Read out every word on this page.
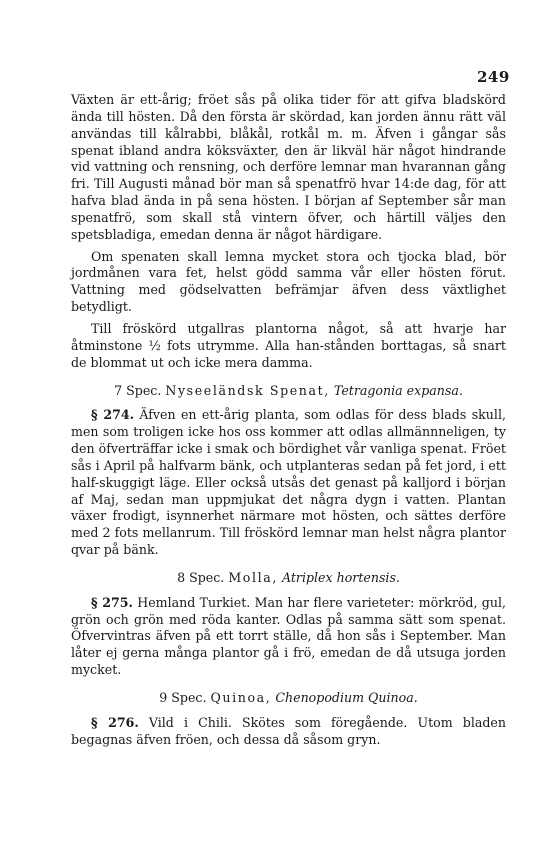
249

Växten är ett-årig; fröet sås på olika tider för att gifva bladskörd ända till hösten. Då den första är skördad, kan jorden ännu rätt väl användas till kålrabbi, blåkål, rotkål m. m. Äfven i gångar sås spenat ibland andra köksväxter, den är likväl här något hindrande vid vattning och rensning, och derföre lemnar man hvarannan gång fri. Till Augusti månad bör man så spenatfrö hvar 14:de dag, för att hafva blad ända in på sena hösten. I början af September sår man spenatfrö, som skall stå vintern öfver, och härtill väljes den spetsbladiga, emedan denna är något härdigare.

Om spenaten skall lemna mycket stora och tjocka blad, bör jordmånen vara fet, helst gödd samma vår eller hösten förut. Vattning med gödselvatten befrämjar äfven dess växtlighet betydligt.

Till fröskörd utgallras plantorna något, så att hvarje har åtminstone ½ fots utrymme. Alla han-stånden borttagas, så snart de blommat ut och icke mera damma.

7 Spec. Nyseeländsk Spenat, Tetragonia expansa.

§ 274. Äfven en ett-årig planta, som odlas för dess blads skull, men som troligen icke hos oss kommer att odlas allmännneligen, ty den öfverträffar icke i smak och bördighet vår vanliga spenat. Fröet sås i April på halfvarm bänk, och utplanteras sedan på fet jord, i ett half-skuggigt läge. Eller också utsås det genast på kalljord i början af Maj, sedan man uppmjukat det några dygn i vatten. Plantan växer frodigt, isynnerhet närmare mot hösten, och sättes derföre med 2 fots mellanrum. Till fröskörd lemnar man helst några plantor qvar på bänk.

8 Spec. Molla, Atriplex hortensis.

§ 275. Hemland Turkiet. Man har flere varieteter: mörkröd, gul, grön och grön med röda kanter. Odlas på samma sätt som spenat. Öfvervintras äfven på ett torrt ställe, då hon sås i September. Man låter ej gerna många plantor gå i frö, emedan de då utsuga jorden mycket.

9 Spec. Quinoa, Chenopodium Quinoa.

§ 276. Vild i Chili. Skötes som föregående. Utom bladen begagnas äfven fröen, och dessa då såsom gryn.
